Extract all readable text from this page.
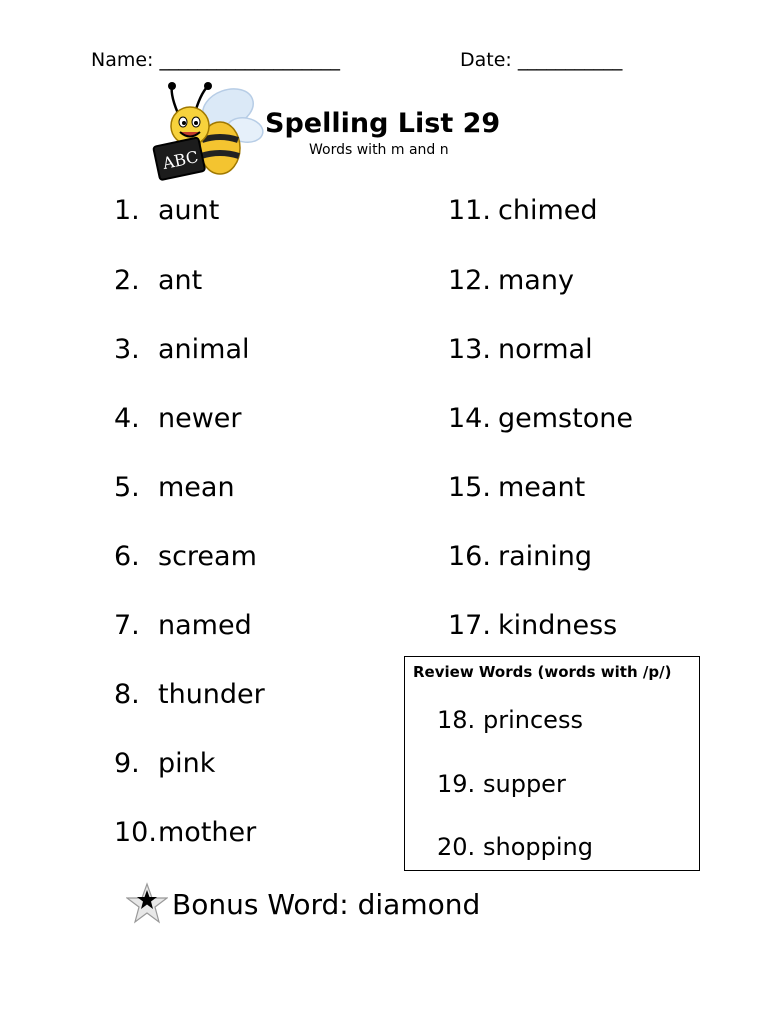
Name: ___________________	Date: ___________
ABC
Spelling List 29
Words with m and n
1. aunt
2. ant
3. animal
4. newer
5. mean
6. scream
7. named
8. thunder
9. pink
10.mother
11. chimed
12. many
13. normal
14. gemstone
15. meant
16. raining
17. kindness
Review Words (words with /p/)
18. princess
19. supper
20. shopping
Bonus Word: diamond
